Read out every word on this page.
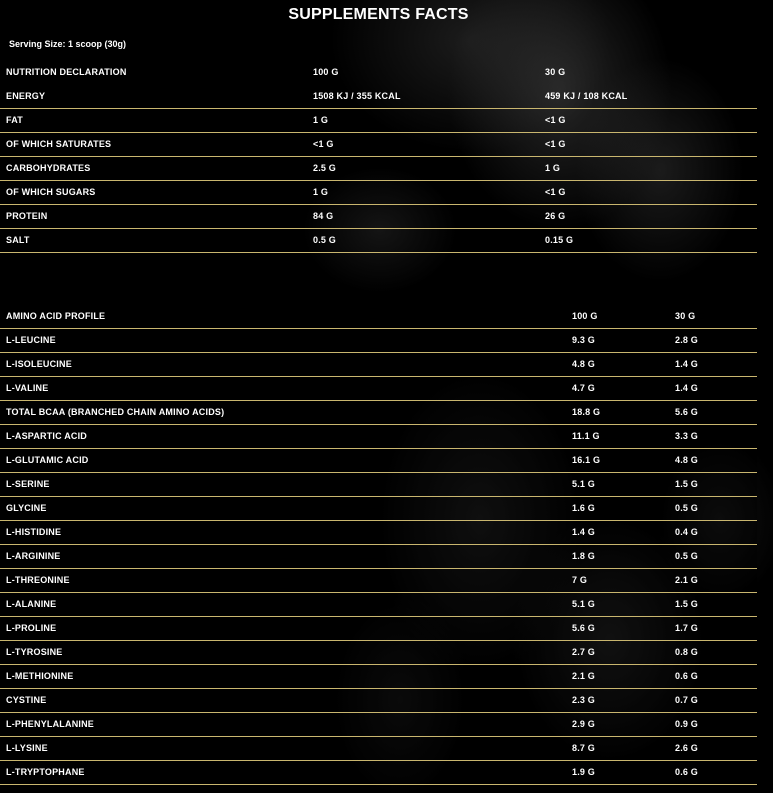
SUPPLEMENTS FACTS
Serving Size: 1 scoop (30g)
NUTRITION DECLARATION	100 G	30 G
ENERGY	1508 KJ / 355 KCAL	459 KJ / 108 KCAL
FAT	1 G	<1 G
OF WHICH SATURATES	<1 G	<1 G
CARBOHYDRATES	2.5 G	1 G
OF WHICH SUGARS	1 G	<1 G
PROTEIN	84 G	26 G
SALT	0.5 G	0.15 G
AMINO ACID PROFILE	100 G	30 G
L-LEUCINE	9.3 G	2.8 G
L-ISOLEUCINE	4.8 G	1.4 G
L-VALINE	4.7 G	1.4 G
TOTAL BCAA (BRANCHED CHAIN AMINO ACIDS)	18.8 G	5.6 G
L-ASPARTIC ACID	11.1 G	3.3 G
L-GLUTAMIC ACID	16.1 G	4.8 G
L-SERINE	5.1 G	1.5 G
GLYCINE	1.6 G	0.5 G
L-HISTIDINE	1.4 G	0.4 G
L-ARGININE	1.8 G	0.5 G
L-THREONINE	7 G	2.1 G
L-ALANINE	5.1 G	1.5 G
L-PROLINE	5.6 G	1.7 G
L-TYROSINE	2.7 G	0.8 G
L-METHIONINE	2.1 G	0.6 G
CYSTINE	2.3 G	0.7 G
L-PHENYLALANINE	2.9 G	0.9 G
L-LYSINE	8.7 G	2.6 G
L-TRYPTOPHANE	1.9 G	0.6 G
